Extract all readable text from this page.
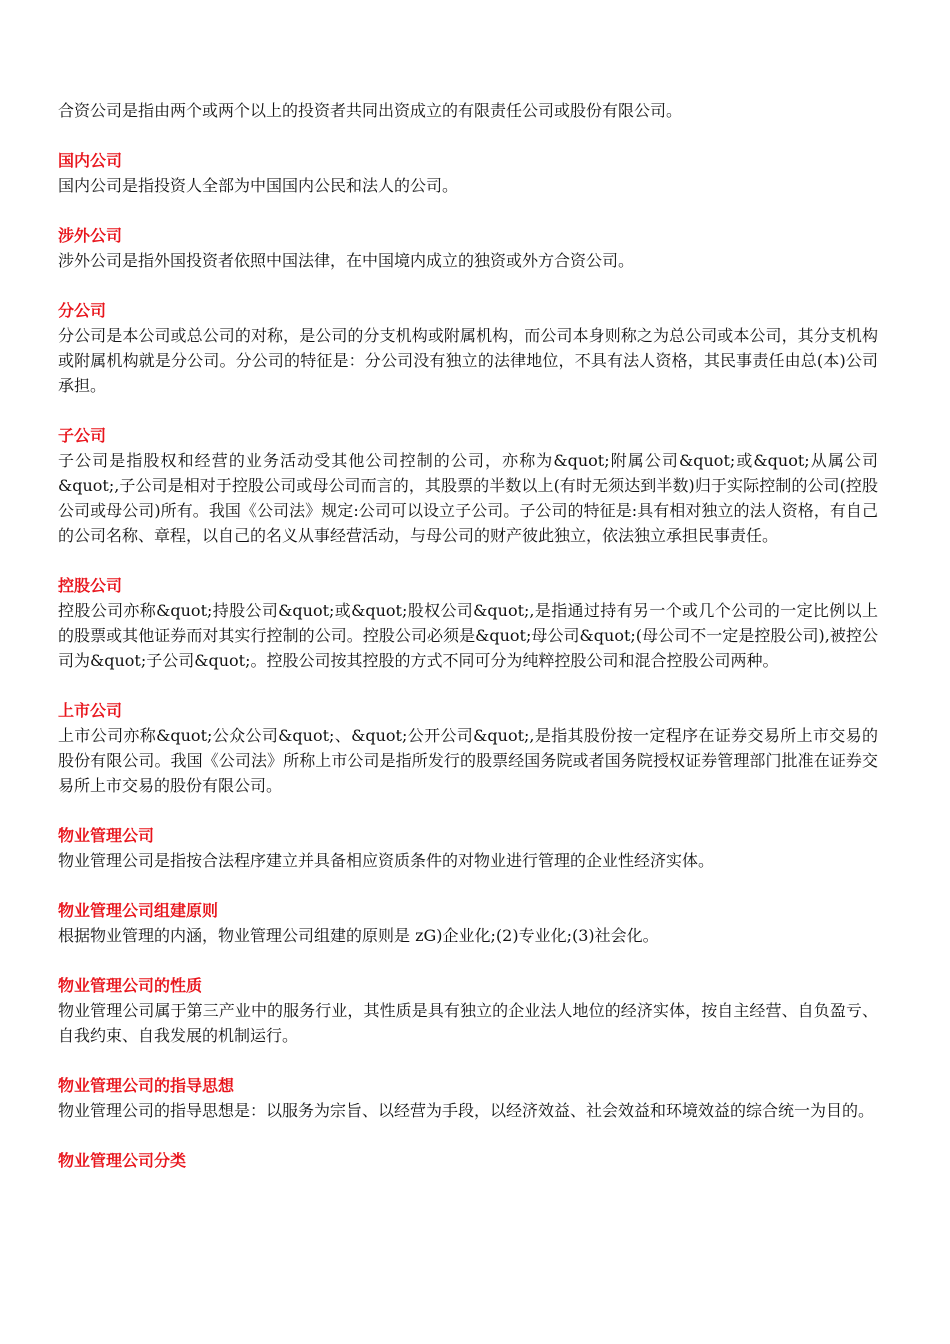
合资公司是指由两个或两个以上的投资者共同出资成立的有限责任公司或股份有限公司。

国内公司

国内公司是指投资人全部为中国国内公民和法人的公司。

涉外公司

涉外公司是指外国投资者依照中国法律，在中国境内成立的独资或外方合资公司。

分公司

分公司是本公司或总公司的对称，是公司的分支机构或附属机构，而公司本身则称之为总公司或本公司，其分支机构或附属机构就是分公司。分公司的特征是：分公司没有独立的法律地位，不具有法人资格，其民事责任由总(本)公司承担。

子公司

子公司是指股权和经营的业务活动受其他公司控制的公司，亦称为&quot;附属公司&quot;或&quot;从属公司&quot;,子公司是相对于控股公司或母公司而言的，其股票的半数以上(有时无须达到半数)归于实际控制的公司(控股公司或母公司)所有。我国《公司法》规定:公司可以设立子公司。子公司的特征是:具有相对独立的法人资格，有自己的公司名称、章程，以自己的名义从事经营活动，与母公司的财产彼此独立，依法独立承担民事责任。

控股公司

控股公司亦称&quot;持股公司&quot;或&quot;股权公司&quot;,是指通过持有另一个或几个公司的一定比例以上的股票或其他证券而对其实行控制的公司。控股公司必须是&quot;母公司&quot;(母公司不一定是控股公司),被控公司为&quot;子公司&quot;。控股公司按其控股的方式不同可分为纯粹控股公司和混合控股公司两种。

上市公司

上市公司亦称&quot;公众公司&quot;、&quot;公开公司&quot;,是指其股份按一定程序在证券交易所上市交易的股份有限公司。我国《公司法》所称上市公司是指所发行的股票经国务院或者国务院授权证券管理部门批准在证券交易所上市交易的股份有限公司。

物业管理公司

物业管理公司是指按合法程序建立并具备相应资质条件的对物业进行管理的企业性经济实体。

物业管理公司组建原则

根据物业管理的内涵，物业管理公司组建的原则是 zG)企业化;(2)专业化;(3)社会化。

物业管理公司的性质

物业管理公司属于第三产业中的服务行业，其性质是具有独立的企业法人地位的经济实体，按自主经营、自负盈亏、自我约束、自我发展的机制运行。

物业管理公司的指导思想

物业管理公司的指导思想是：以服务为宗旨、以经营为手段，以经济效益、社会效益和环境效益的综合统一为目的。

物业管理公司分类
